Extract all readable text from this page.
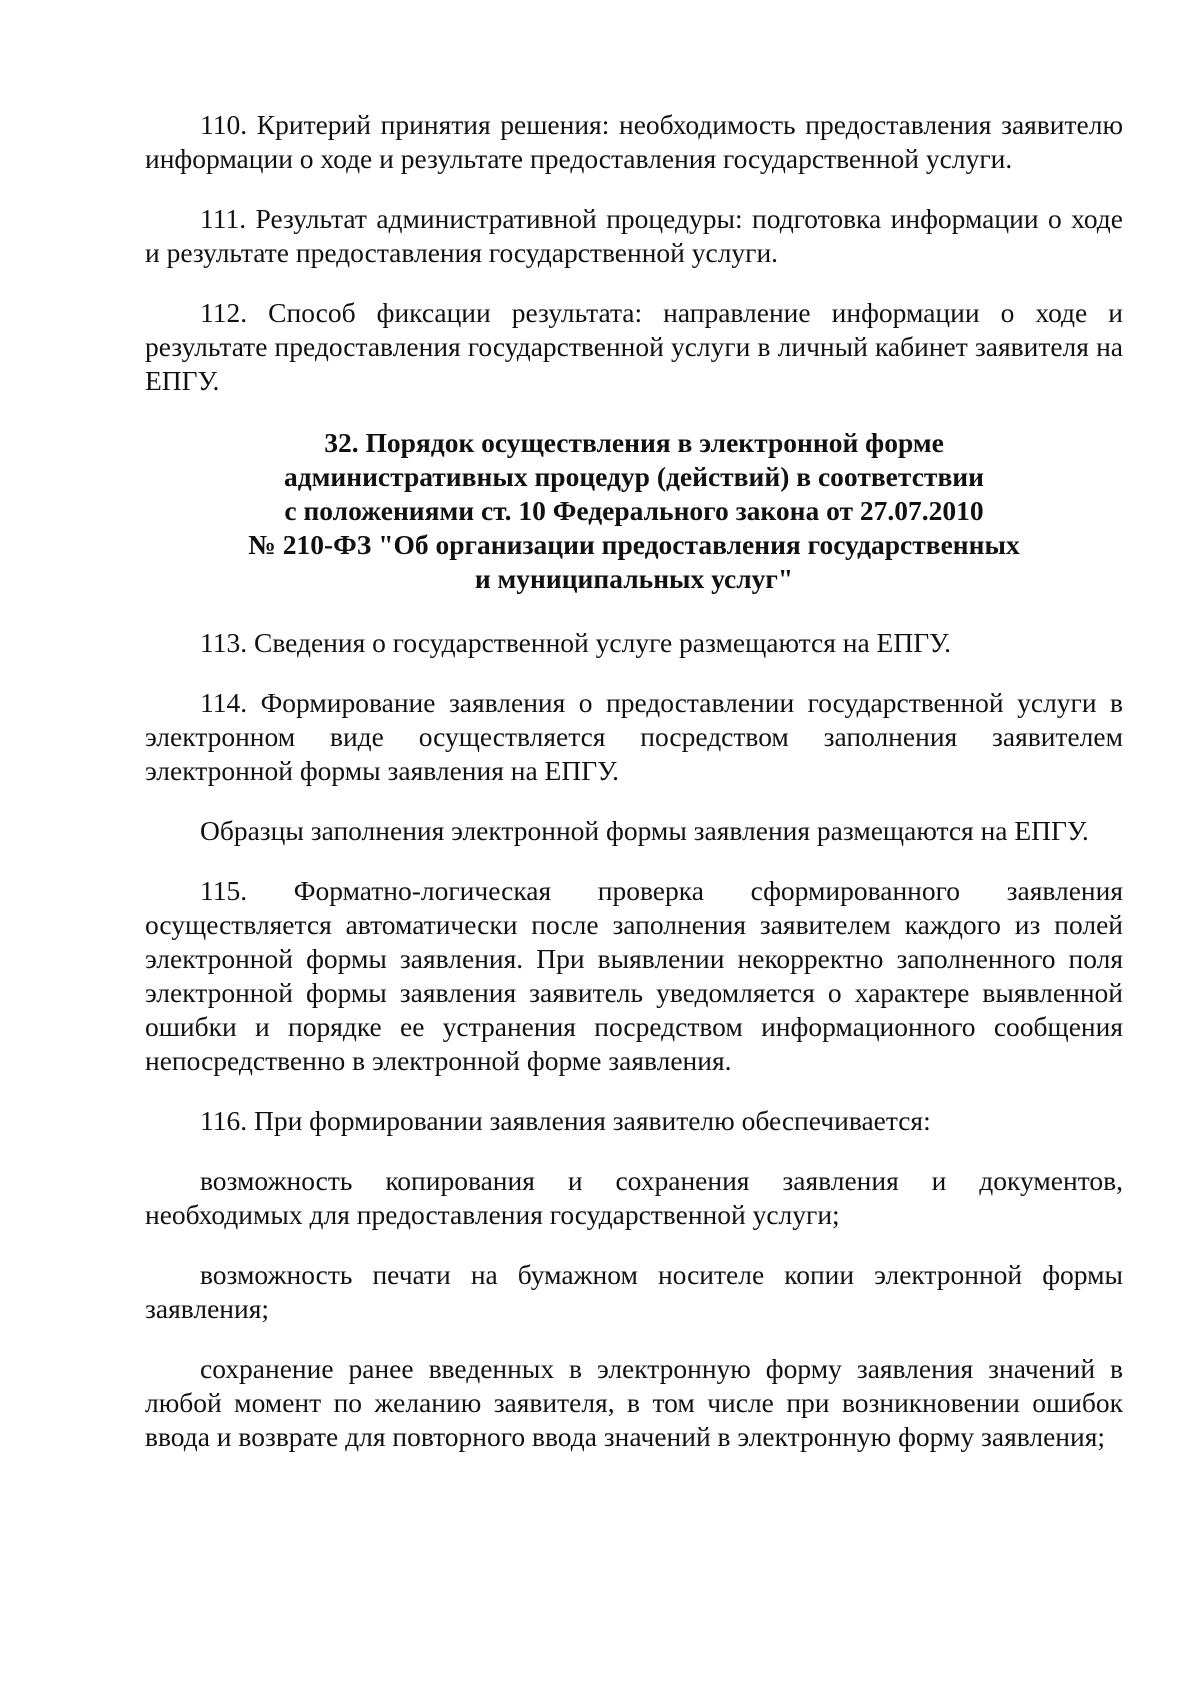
110. Критерий принятия решения: необходимость предоставления заявителю информации о ходе и результате предоставления государственной услуги.

111. Результат административной процедуры: подготовка информации о ходе и результате предоставления государственной услуги.

112. Способ фиксации результата: направление информации о ходе и результате предоставления государственной услуги в личный кабинет заявителя на ЕПГУ.

32. Порядок осуществления в электронной форме
административных процедур (действий) в соответствии
с положениями ст. 10 Федерального закона от 27.07.2010
№ 210-ФЗ "Об организации предоставления государственных
и муниципальных услуг"

113. Сведения о государственной услуге размещаются на ЕПГУ.

114. Формирование заявления о предоставлении государственной услуги в электронном виде осуществляется посредством заполнения заявителем электронной формы заявления на ЕПГУ.

Образцы заполнения электронной формы заявления размещаются на ЕПГУ.

115. Форматно-логическая проверка сформированного заявления осуществляется автоматически после заполнения заявителем каждого из полей электронной формы заявления. При выявлении некорректно заполненного поля электронной формы заявления заявитель уведомляется о характере выявленной ошибки и порядке ее устранения посредством информационного сообщения непосредственно в электронной форме заявления.

116. При формировании заявления заявителю обеспечивается:

возможность копирования и сохранения заявления и документов, необходимых для предоставления государственной услуги;

возможность печати на бумажном носителе копии электронной формы заявления;

сохранение ранее введенных в электронную форму заявления значений в любой момент по желанию заявителя, в том числе при возникновении ошибок ввода и возврате для повторного ввода значений в электронную форму заявления;
